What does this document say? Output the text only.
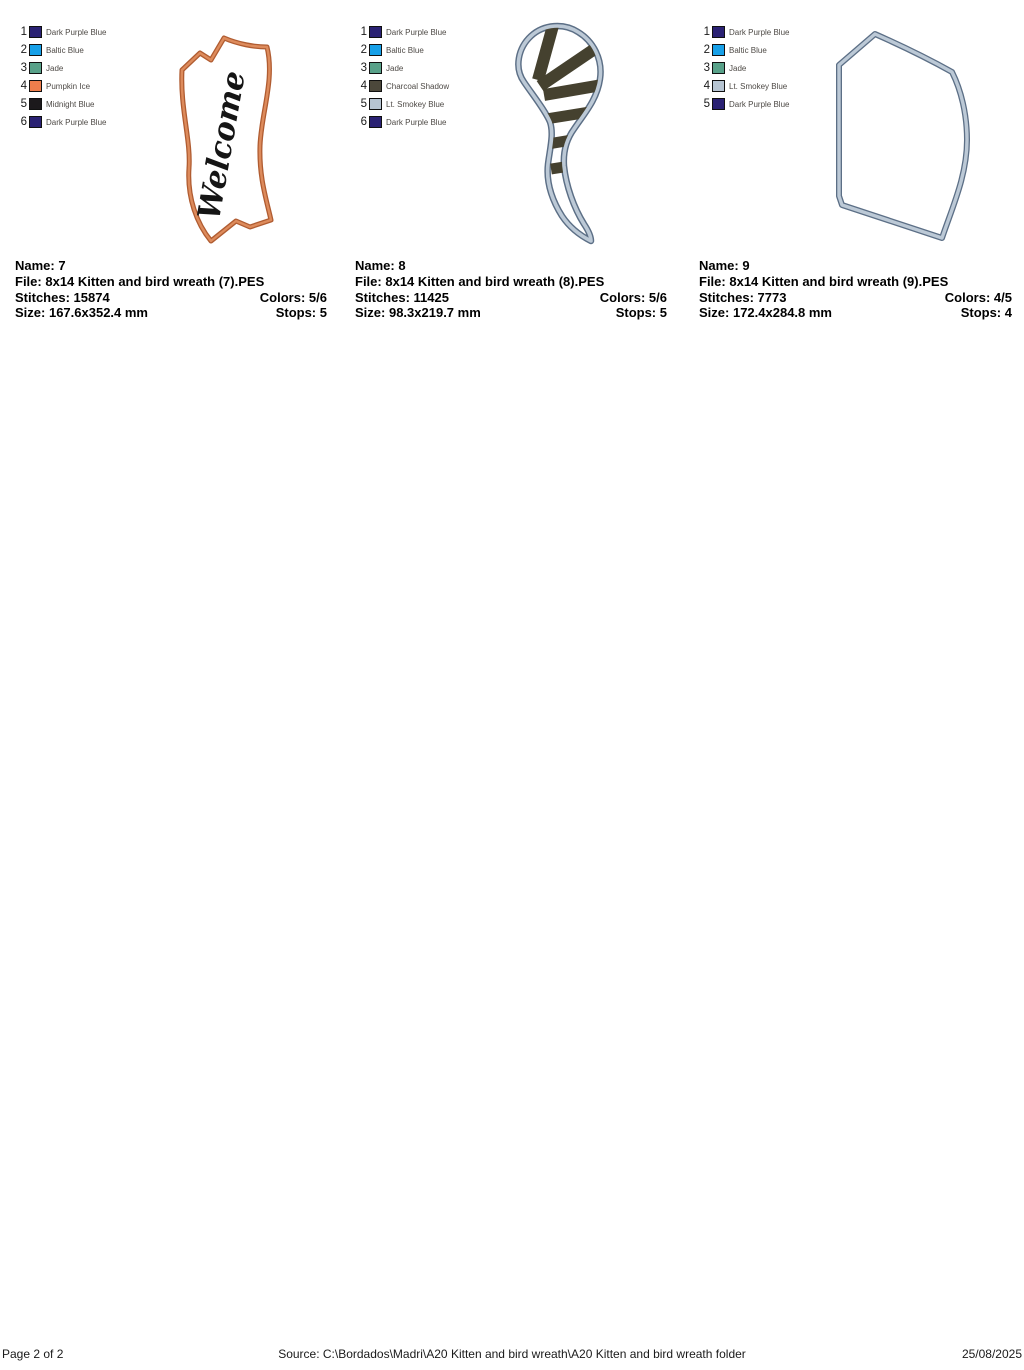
1 Dark Purple Blue
2 Baltic Blue
3 Jade
4 Pumpkin Ice
5 Midnight Blue
6 Dark Purple Blue	Welcome
Name: 7
File: 8x14 Kitten and bird wreath (7).PES
Stitches: 15874	Colors: 5/6
Size: 167.6x352.4 mm	Stops: 5
1 Dark Purple Blue
2 Baltic Blue
3 Jade
4 Charcoal Shadow
5 Lt. Smokey Blue
6 Dark Purple Blue
Name: 8
File: 8x14 Kitten and bird wreath (8).PES
Stitches: 11425	Colors: 5/6
Size: 98.3x219.7 mm	Stops: 5
1 Dark Purple Blue
2 Baltic Blue
3 Jade
4 Lt. Smokey Blue
5 Dark Purple Blue
Name: 9
File: 8x14 Kitten and bird wreath (9).PES
Stitches: 7773	Colors: 4/5
Size: 172.4x284.8 mm	Stops: 4
Source: C:\Bordados\Madri\A20 Kitten and bird wreath\A20 Kitten and bird wreath folder
Page 2 of 2	25/08/2025
